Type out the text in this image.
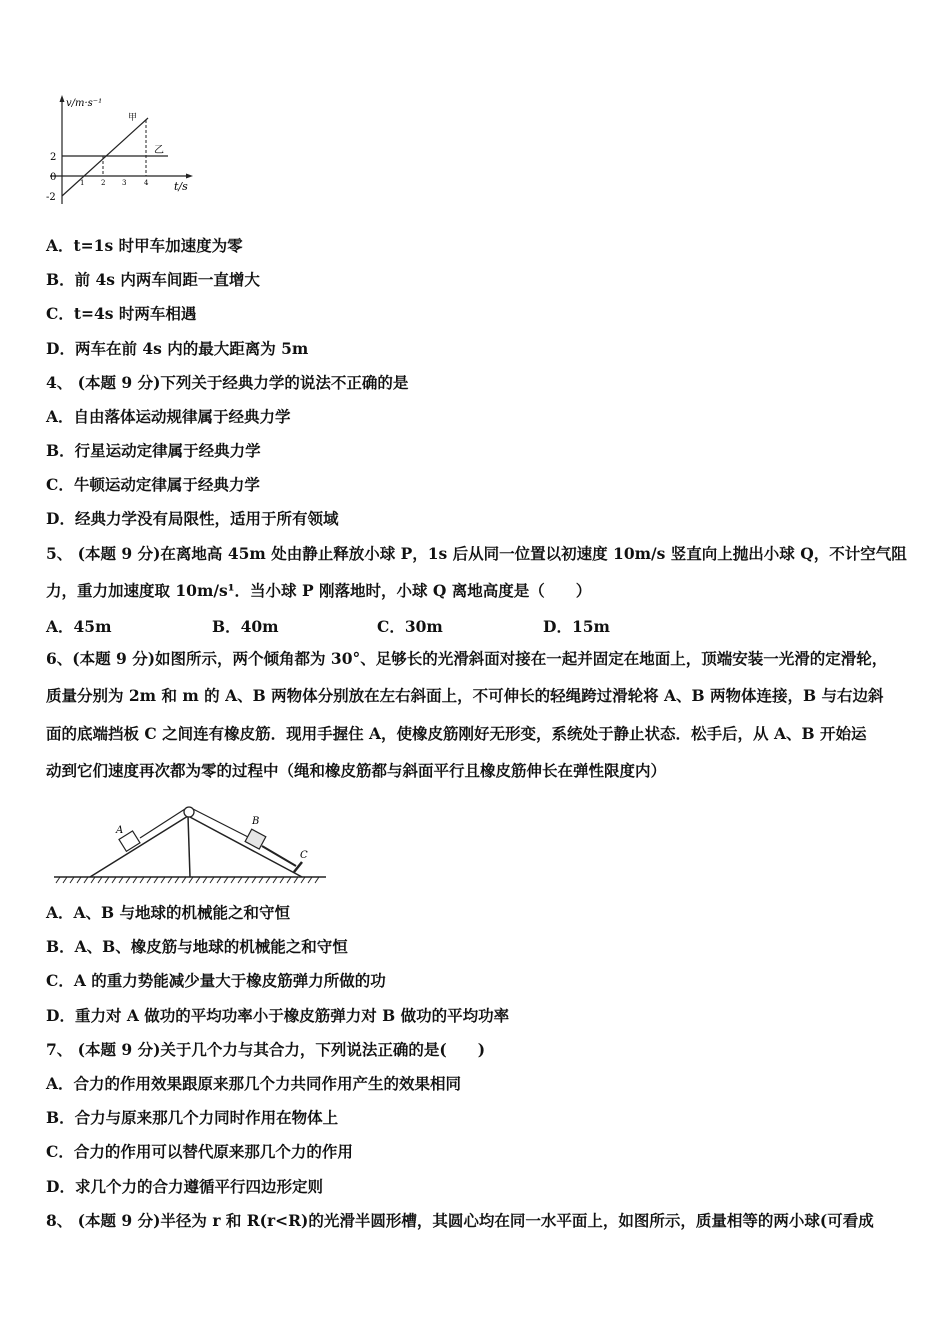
v/m·s⁻¹
t/s
甲
乙
2
0
-2
1 2 3	4
A．t=1s 时甲车加速度为零
B．前 4s 内两车间距一直增大
C．t=4s 时两车相遇
D．两车在前 4s 内的最大距离为 5m
4、 (本题 9 分)下列关于经典力学的说法不正确的是
A．自由落体运动规律属于经典力学
B．行星运动定律属于经典力学
C．牛顿运动定律属于经典力学
D．经典力学没有局限性，适用于所有领域
5、 (本题 9 分)在离地高 45m 处由静止释放小球 P，1s 后从同一位置以初速度 10m/s 竖直向上抛出小球 Q，不计空气阻
力，重力加速度取 10m/s¹．当小球 P 刚落地时，小球 Q 离地高度是（　　）
A．45m	B．40m	C．30m	D．15m
6、(本题 9 分)如图所示，两个倾角都为 30°、足够长的光滑斜面对接在一起并固定在地面上，顶端安装一光滑的定滑轮，
质量分别为 2m 和 m 的 A、B 两物体分别放在左右斜面上，不可伸长的轻绳跨过滑轮将 A、B 两物体连接，B 与右边斜
面的底端挡板 C 之间连有橡皮筋．现用手握住 A，使橡皮筋刚好无形变，系统处于静止状态．松手后，从 A、B 开始运
动到它们速度再次都为零的过程中（绳和橡皮筋都与斜面平行且橡皮筋伸长在弹性限度内）
A
B
C
A．A、B 与地球的机械能之和守恒
B．A、B、橡皮筋与地球的机械能之和守恒
C．A 的重力势能减少量大于橡皮筋弹力所做的功
D．重力对 A 做功的平均功率小于橡皮筋弹力对 B 做功的平均功率
7、 (本题 9 分)关于几个力与其合力，下列说法正确的是(　　)
A．合力的作用效果跟原来那几个力共同作用产生的效果相同
B．合力与原来那几个力同时作用在物体上
C．合力的作用可以替代原来那几个力的作用
D．求几个力的合力遵循平行四边形定则
8、 (本题 9 分)半径为 r 和 R(r<R)的光滑半圆形槽，其圆心均在同一水平面上，如图所示，质量相等的两小球(可看成
